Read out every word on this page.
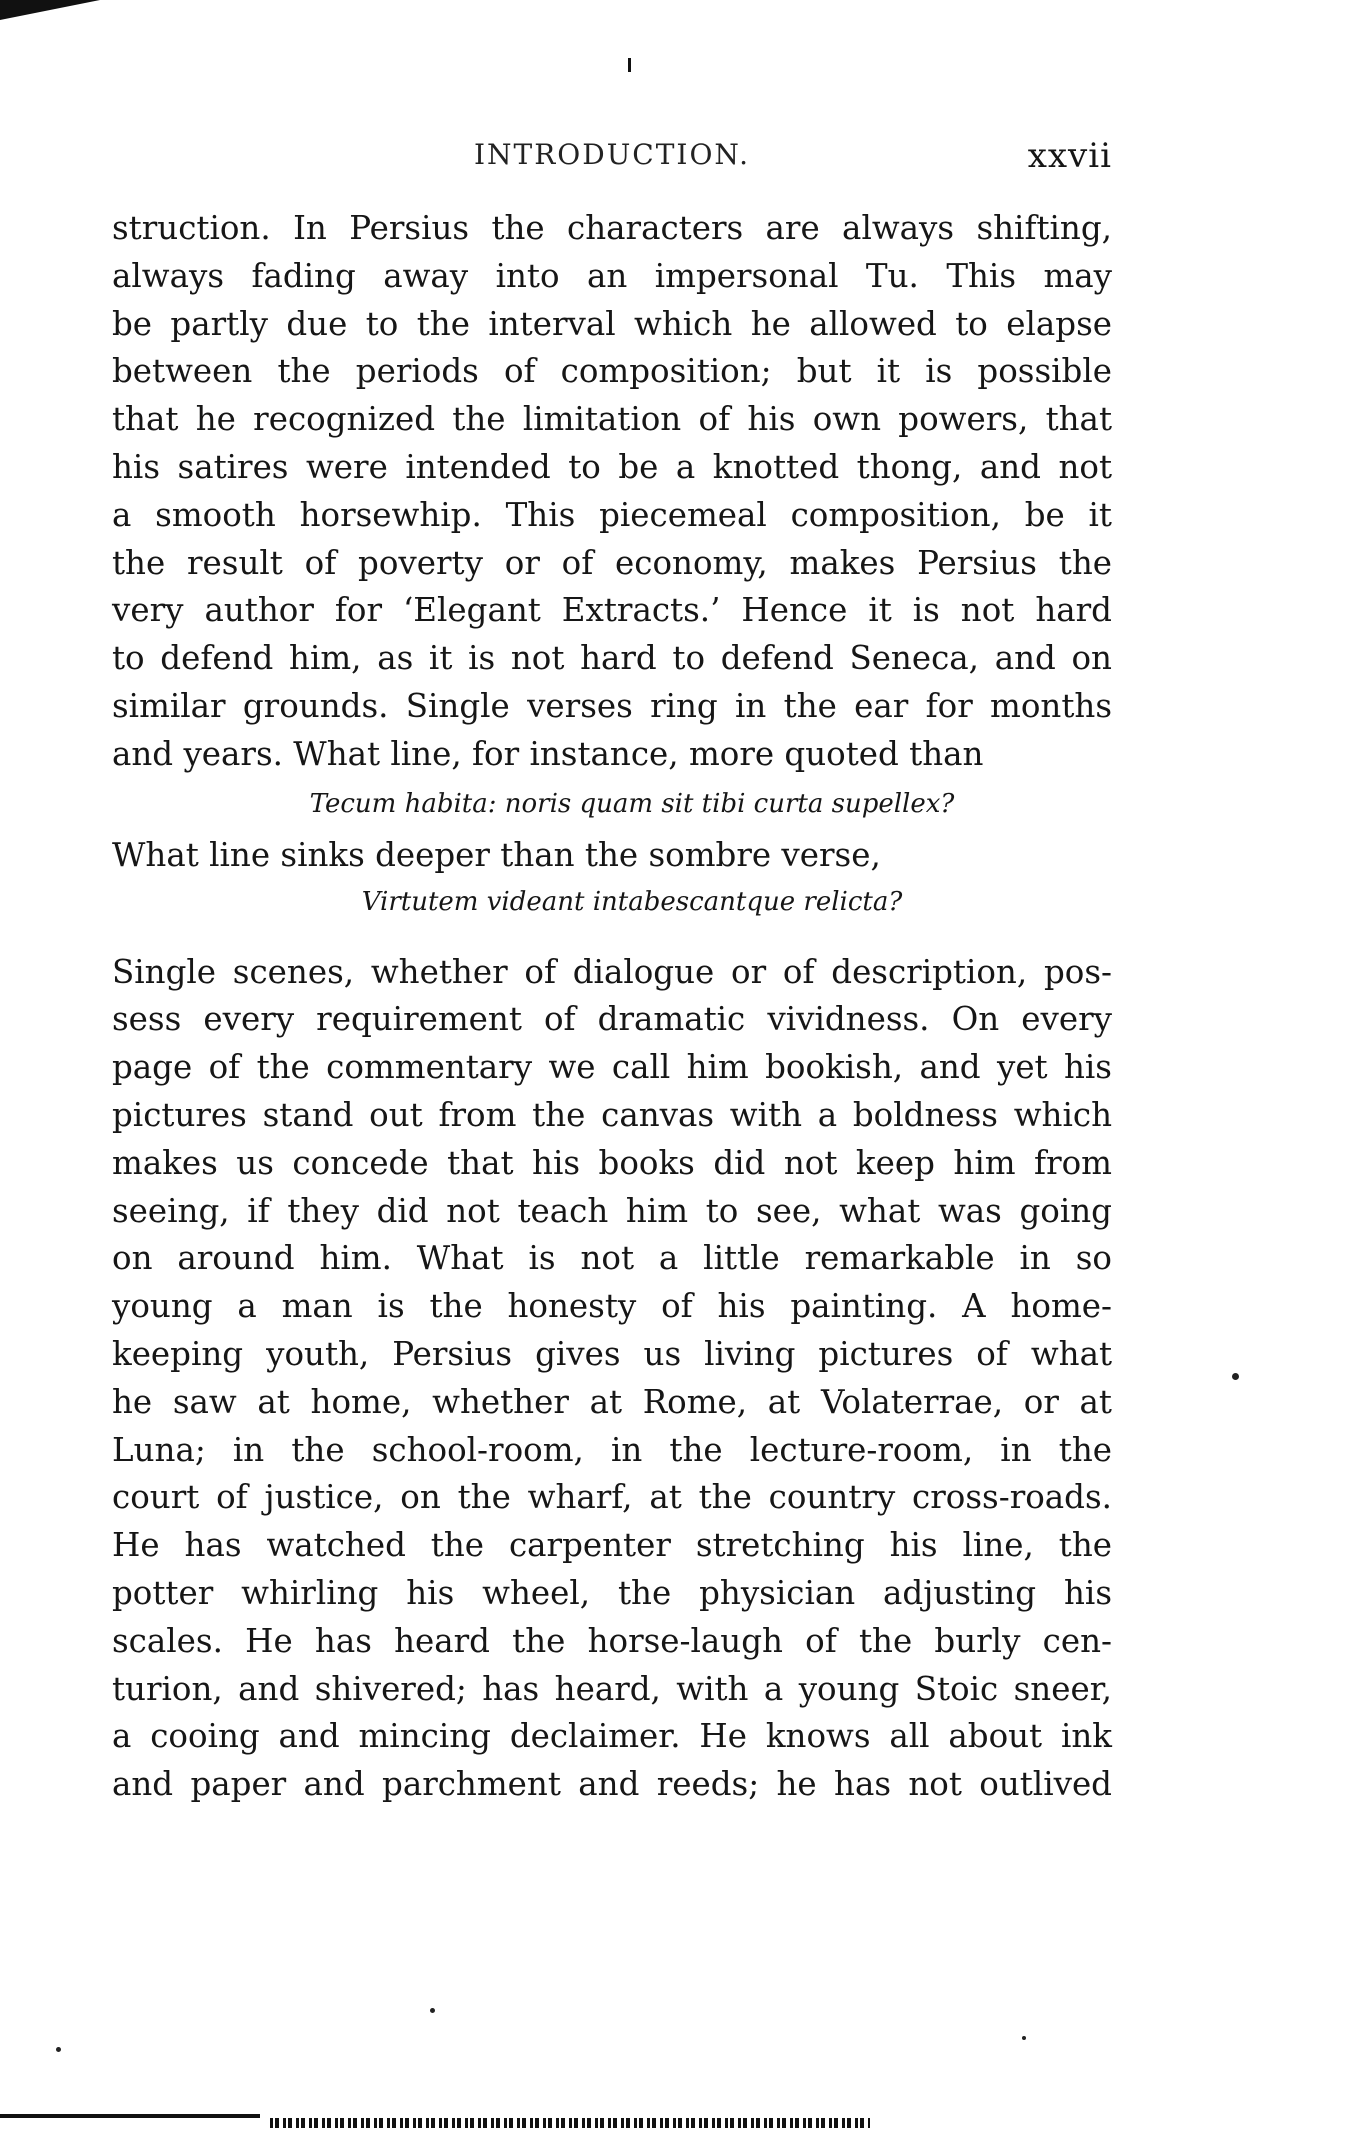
INTRODUCTION.	xxvii
struction. In Persius the characters are always shifting,
always fading away into an impersonal Tu. This may
be partly due to the interval which he allowed to elapse
between the periods of composition; but it is possible
that he recognized the limitation of his own powers, that
his satires were intended to be a knotted thong, and not
a smooth horsewhip. This piecemeal composition, be it
the result of poverty or of economy, makes Persius the
very author for ‘Elegant Extracts.’ Hence it is not hard
to defend him, as it is not hard to defend Seneca, and on
similar grounds. Single verses ring in the ear for months
and years. What line, for instance, more quoted than
Tecum habita: noris quam sit tibi curta supellex?
What line sinks deeper than the sombre verse,
Virtutem videant intabescantque relicta?
Single scenes, whether of dialogue or of description, pos-
sess every requirement of dramatic vividness. On every
page of the commentary we call him bookish, and yet his
pictures stand out from the canvas with a boldness which
makes us concede that his books did not keep him from
seeing, if they did not teach him to see, what was going
on around him. What is not a little remarkable in so
young a man is the honesty of his painting. A home-
keeping youth, Persius gives us living pictures of what
he saw at home, whether at Rome, at Volaterrae, or at
Luna; in the school-room, in the lecture-room, in the
court of justice, on the wharf, at the country cross-roads.
He has watched the carpenter stretching his line, the
potter whirling his wheel, the physician adjusting his
scales. He has heard the horse-laugh of the burly cen-
turion, and shivered; has heard, with a young Stoic sneer,
a cooing and mincing declaimer. He knows all about ink
and paper and parchment and reeds; he has not outlived
